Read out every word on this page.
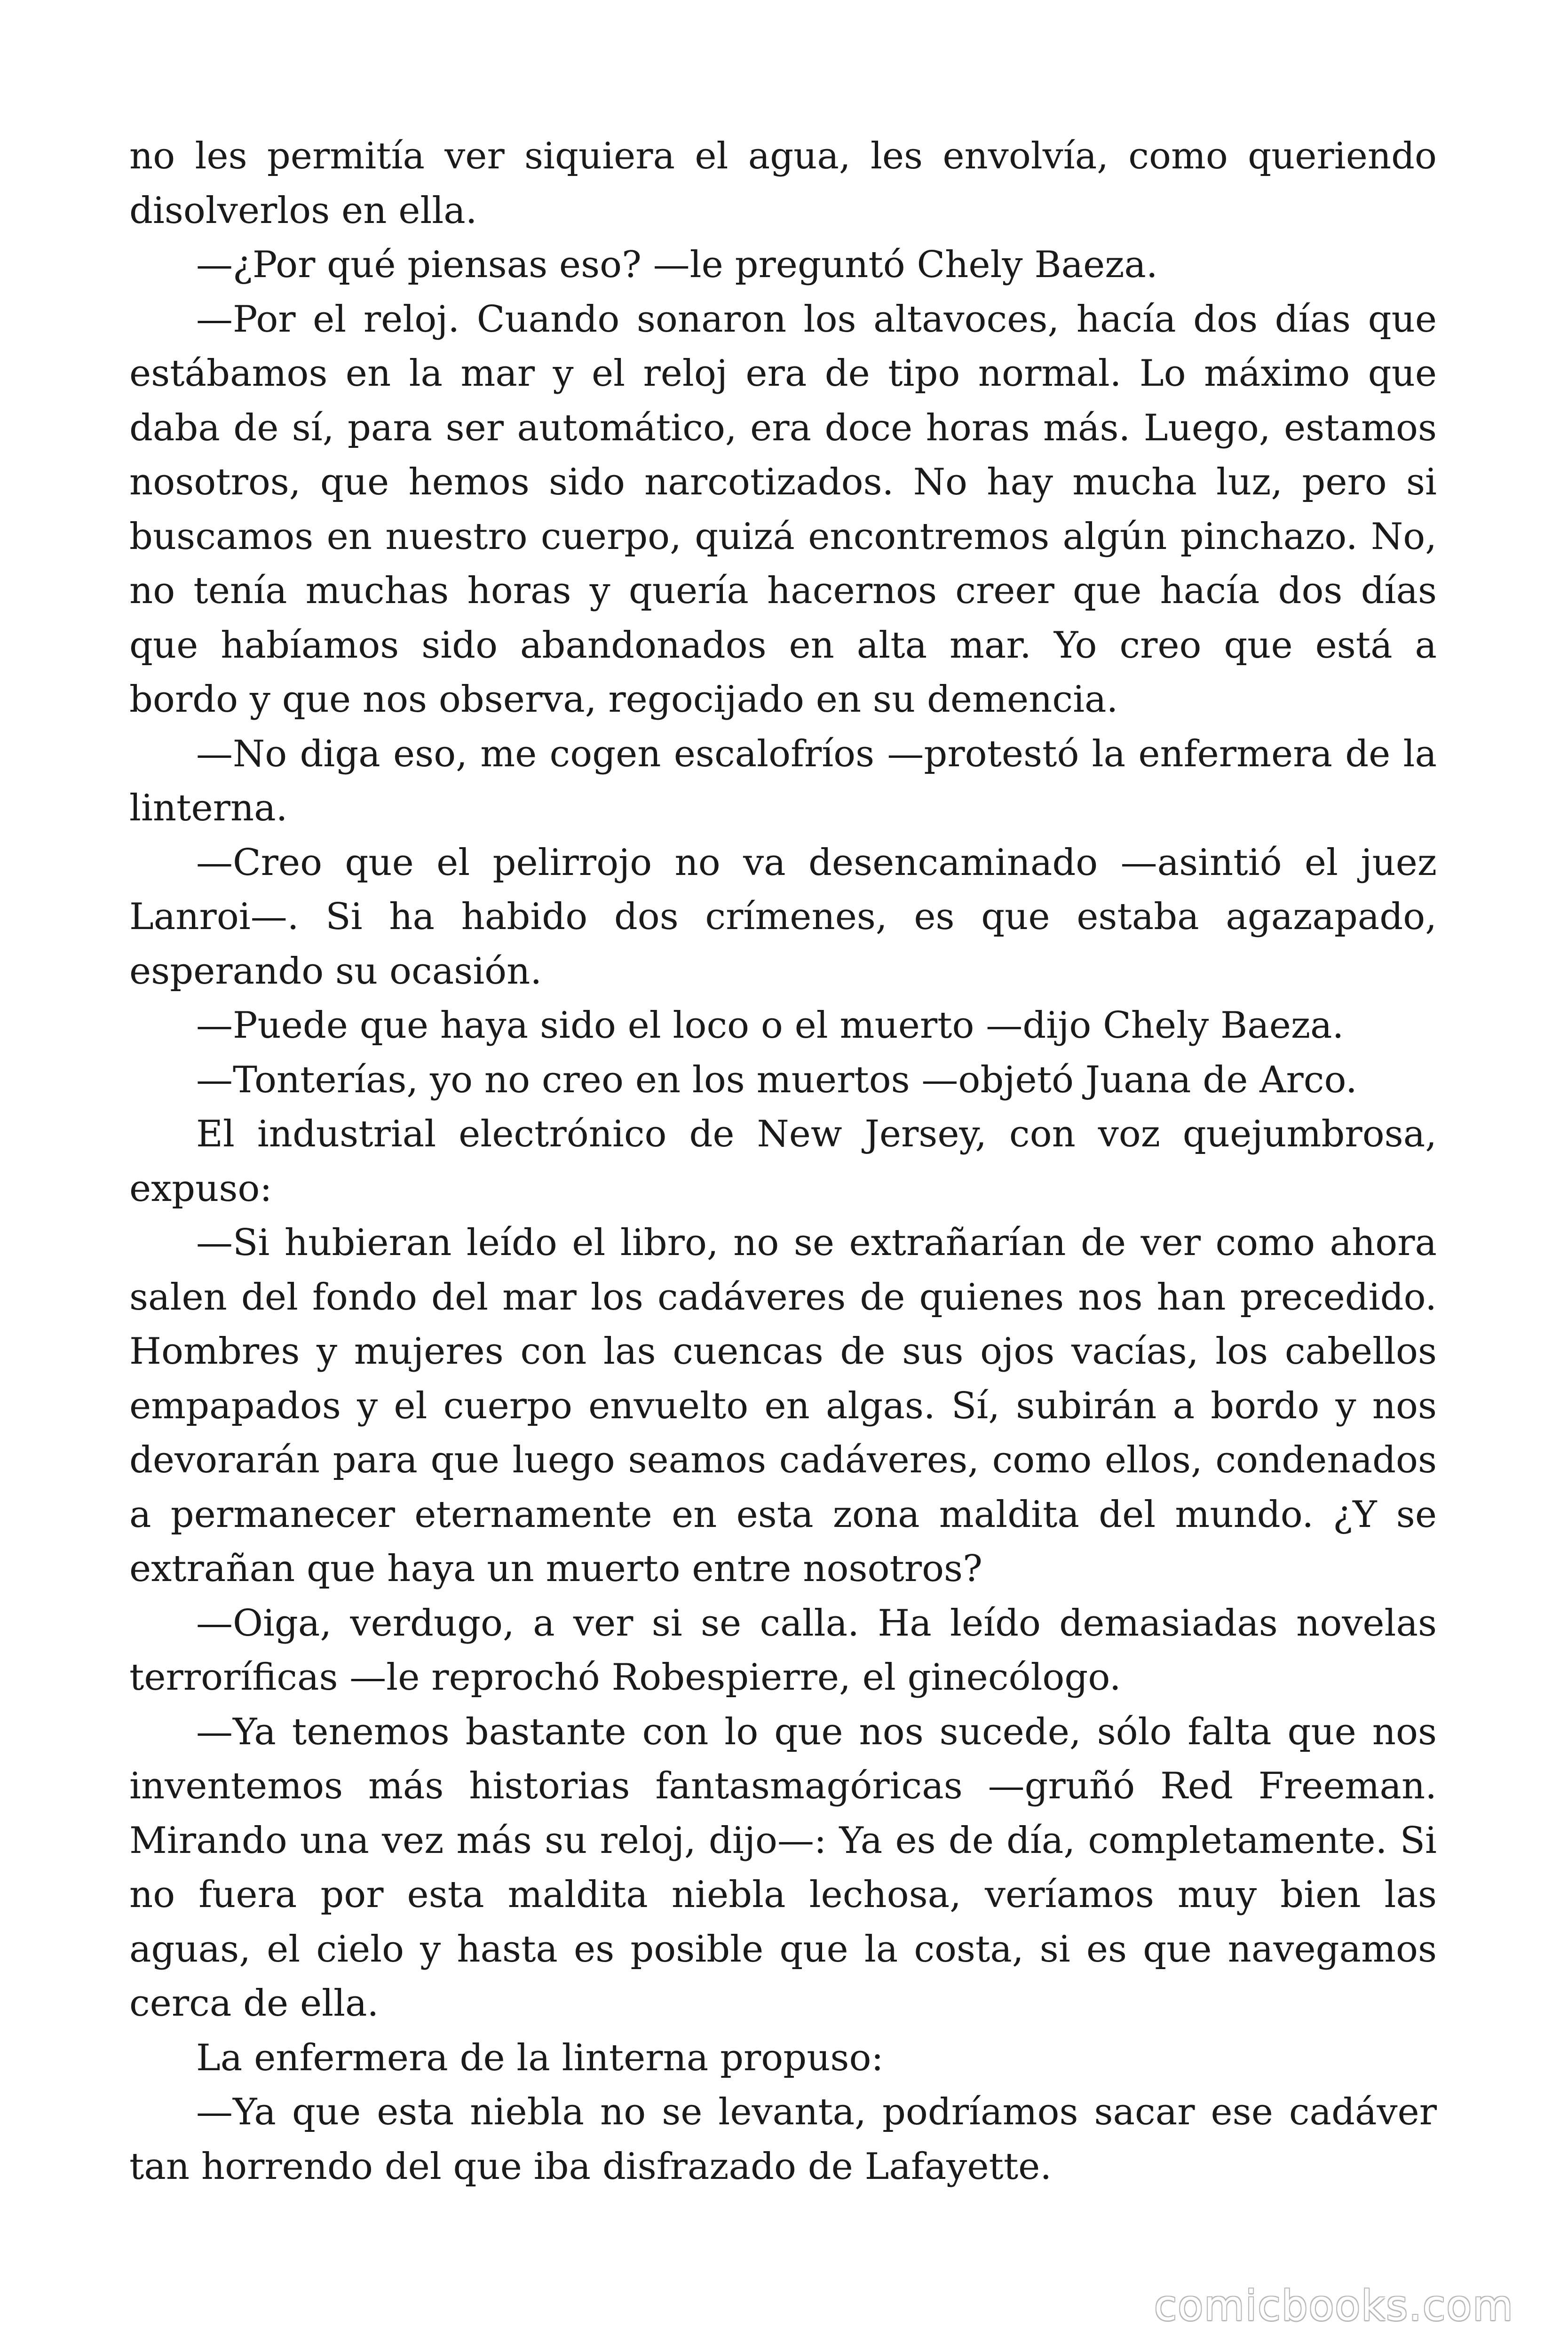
no les permitía ver siquiera el agua, les envolvía, como queriendo disolverlos en ella.

—¿Por qué piensas eso? —le preguntó Chely Baeza.

—Por el reloj. Cuando sonaron los altavoces, hacía dos días que estábamos en la mar y el reloj era de tipo normal. Lo máximo que daba de sí, para ser automático, era doce horas más. Luego, estamos nosotros, que hemos sido narcotizados. No hay mucha luz, pero si buscamos en nuestro cuerpo, quizá encontremos algún pinchazo. No, no tenía muchas horas y quería hacernos creer que hacía dos días que habíamos sido abandonados en alta mar. Yo creo que está a bordo y que nos observa, regocijado en su demencia.

—No diga eso, me cogen escalofríos —protestó la enfermera de la linterna.

—Creo que el pelirrojo no va desencaminado —asintió el juez Lanroi—. Si ha habido dos crímenes, es que estaba agazapado, esperando su ocasión.

—Puede que haya sido el loco o el muerto —dijo Chely Baeza.

—Tonterías, yo no creo en los muertos —objetó Juana de Arco.

El industrial electrónico de New Jersey, con voz quejumbrosa, expuso:

—Si hubieran leído el libro, no se extrañarían de ver como ahora salen del fondo del mar los cadáveres de quienes nos han precedido. Hombres y mujeres con las cuencas de sus ojos vacías, los cabellos empapados y el cuerpo envuelto en algas. Sí, subirán a bordo y nos devorarán para que luego seamos cadáveres, como ellos, condenados a permanecer eternamente en esta zona maldita del mundo. ¿Y se extrañan que haya un muerto entre nosotros?

—Oiga, verdugo, a ver si se calla. Ha leído demasiadas novelas terroríficas —le reprochó Robespierre, el ginecólogo.

—Ya tenemos bastante con lo que nos sucede, sólo falta que nos inventemos más historias fantasmagóricas —gruñó Red Freeman. Mirando una vez más su reloj, dijo—: Ya es de día, completamente. Si no fuera por esta maldita niebla lechosa, veríamos muy bien las aguas, el cielo y hasta es posible que la costa, si es que navegamos cerca de ella.

La enfermera de la linterna propuso:

—Ya que esta niebla no se levanta, podríamos sacar ese cadáver tan horrendo del que iba disfrazado de Lafayette.

comicbooks.com
